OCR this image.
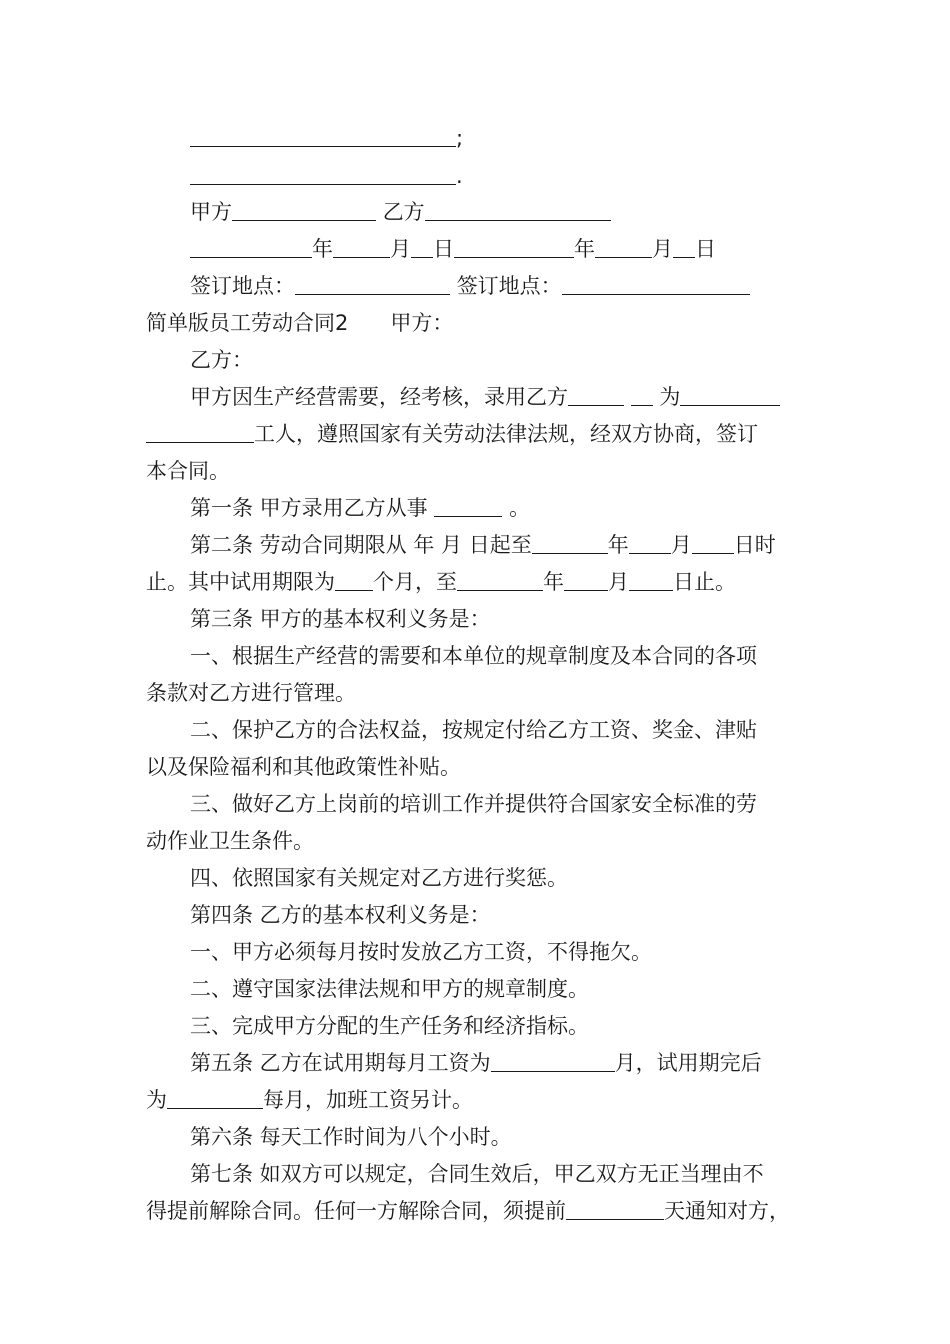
;
.
甲方	乙方
年	月 日	年	月 日
签订地点：	签订地点：
简单版员工劳动合同2 甲方：
乙方：
甲方因生产经营需要，经考核，录用乙方	为
工人，遵照国家有关劳动法律法规，经双方协商，签订
本合同。
第一条 甲方录用乙方从事	。
第二条 劳动合同期限从 年 月 日起至	年 月 日时
止。其中试用期限为 个月，至	年 月 日止。
第三条 甲方的基本权利义务是：
一、根据生产经营的需要和本单位的规章制度及本合同的各项
条款对乙方进行管理。
二、保护乙方的合法权益，按规定付给乙方工资、奖金、津贴
以及保险福利和其他政策性补贴。
三、做好乙方上岗前的培训工作并提供符合国家安全标准的劳
动作业卫生条件。
四、依照国家有关规定对乙方进行奖惩。
第四条 乙方的基本权利义务是：
一、甲方必须每月按时发放乙方工资，不得拖欠。
二、遵守国家法律法规和甲方的规章制度。
三、完成甲方分配的生产任务和经济指标。
第五条 乙方在试用期每月工资为	月，试用期完后
为	每月，加班工资另计。
第六条 每天工作时间为八个小时。
第七条 如双方可以规定，合同生效后，甲乙双方无正当理由不
得提前解除合同。任何一方解除合同，须提前	天通知对方，
